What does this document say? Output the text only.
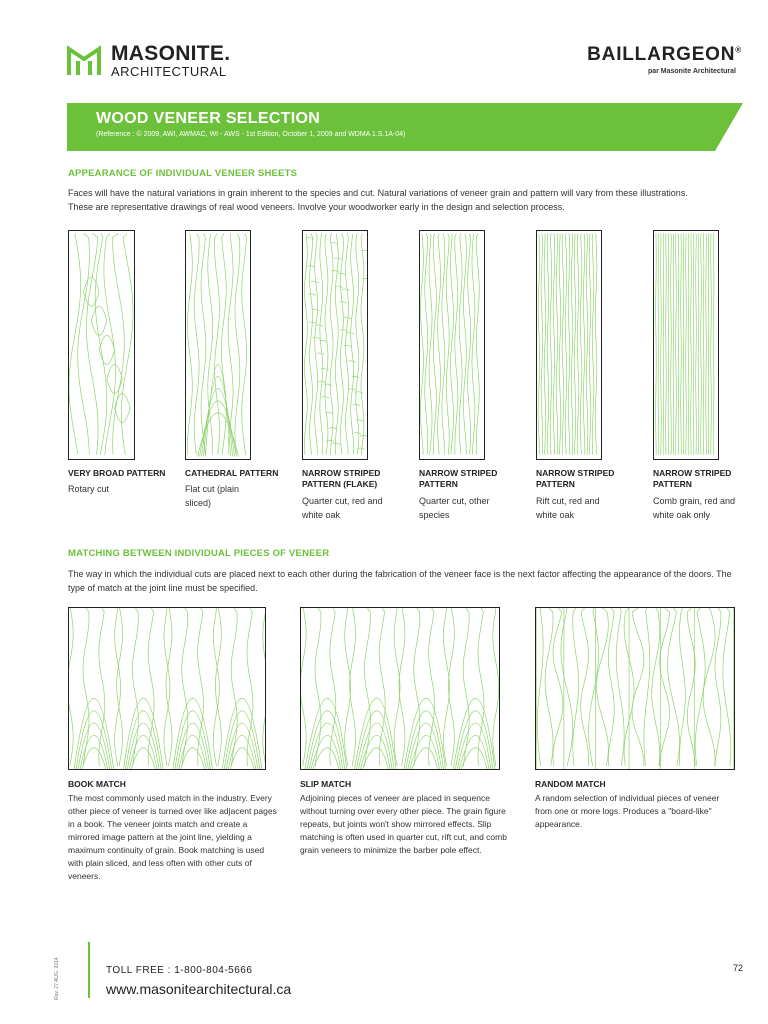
MASONITE.
ARCHITECTURAL
BAILLARGEON®
par Masonite Architectural
WOOD VENEER SELECTION
(Reference : © 2009, AWI, AWMAC, WI - AWS - 1st Edition, October 1, 2009 and WDMA 1.S.1A-04)
APPEARANCE OF INDIVIDUAL VENEER SHEETS
Faces will have the natural variations in grain inherent to the species and cut. Natural variations of veneer grain and pattern will vary from these illustrations. These are representative drawings of real wood veneers. Involve your woodworker early in the design and selection process.
VERY BROAD PATTERN
Rotary cut
CATHEDRAL PATTERN
Flat cut (plain sliced)
NARROW STRIPED PATTERN (FLAKE)
Quarter cut, red and white oak
NARROW STRIPED PATTERN
Quarter cut, other species
NARROW STRIPED PATTERN
Rift cut, red and white oak
NARROW STRIPED PATTERN
Comb grain, red and white oak only
MATCHING BETWEEN INDIVIDUAL PIECES OF VENEER
The way in which the individual cuts are placed next to each other during the fabrication of the veneer face is the next factor affecting the appearance of the doors. The type of match at the joint line must be specified.
BOOK MATCH
The most commonly used match in the industry. Every other piece of veneer is turned over like adjacent pages in a book. The veneer joints match and create a mirrored image pattern at the joint line, yielding a maximum continuity of grain. Book matching is used with plain sliced, and less often with other cuts of veneers.
SLIP MATCH
Adjoining pieces of veneer are placed in sequence without turning over every other piece. The grain figure repeats, but joints won't show mirrored effects. Slip matching is often used in quarter cut, rift cut, and comb grain veneers to minimize the barber pole effect.
RANDOM MATCH
A random selection of individual pieces of veneer from one or more logs. Produces a "board-like" appearance.
Rev. 27 AUG. 2014	TOLL FREE : 1-800-804-5666
www.masonitearchitectural.ca
72
